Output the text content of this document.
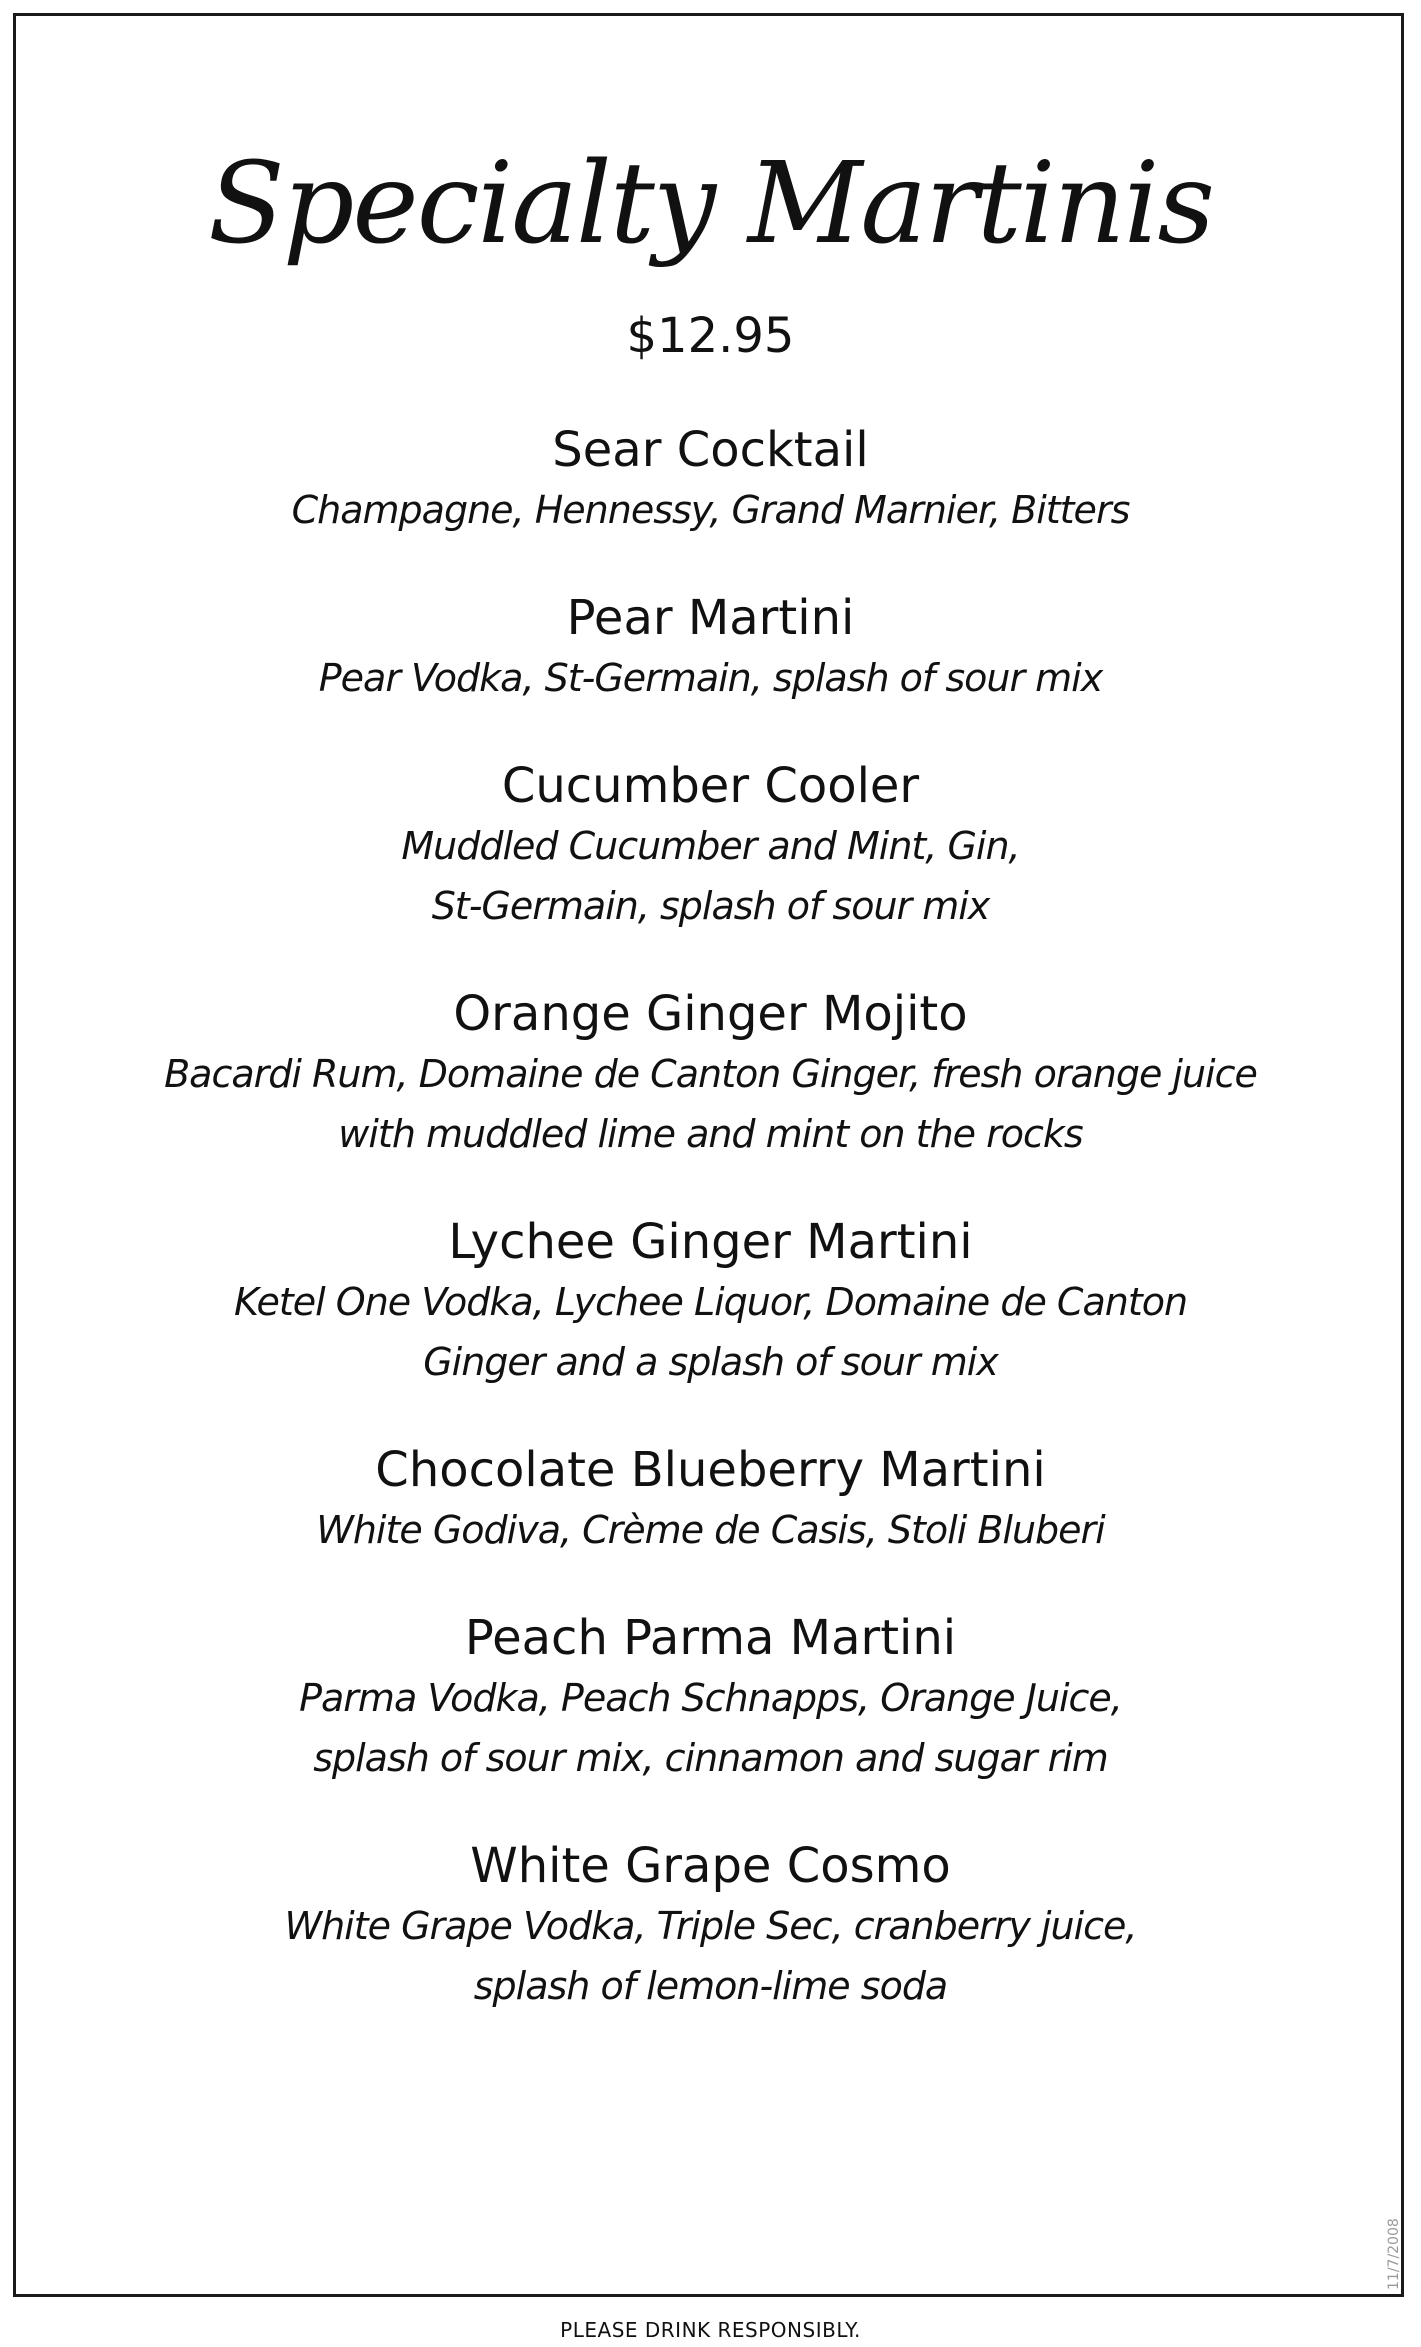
Specialty Martinis
$12.95
Sear Cocktail
Champagne, Hennessy, Grand Marnier, Bitters
Pear Martini
Pear Vodka, St-Germain, splash of sour mix
Cucumber Cooler
Muddled Cucumber and Mint, Gin,
St-Germain, splash of sour mix
Orange Ginger Mojito
Bacardi Rum, Domaine de Canton Ginger, fresh orange juice
with muddled lime and mint on the rocks
Lychee Ginger Martini
Ketel One Vodka, Lychee Liquor, Domaine de Canton
Ginger and a splash of sour mix
Chocolate Blueberry Martini
White Godiva, Crème de Casis, Stoli Bluberi
Peach Parma Martini
Parma Vodka, Peach Schnapps, Orange Juice,
splash of sour mix, cinnamon and sugar rim
White Grape Cosmo
White Grape Vodka, Triple Sec, cranberry juice,
splash of lemon-lime soda
11/7/2008
PLEASE DRINK RESPONSIBLY.
